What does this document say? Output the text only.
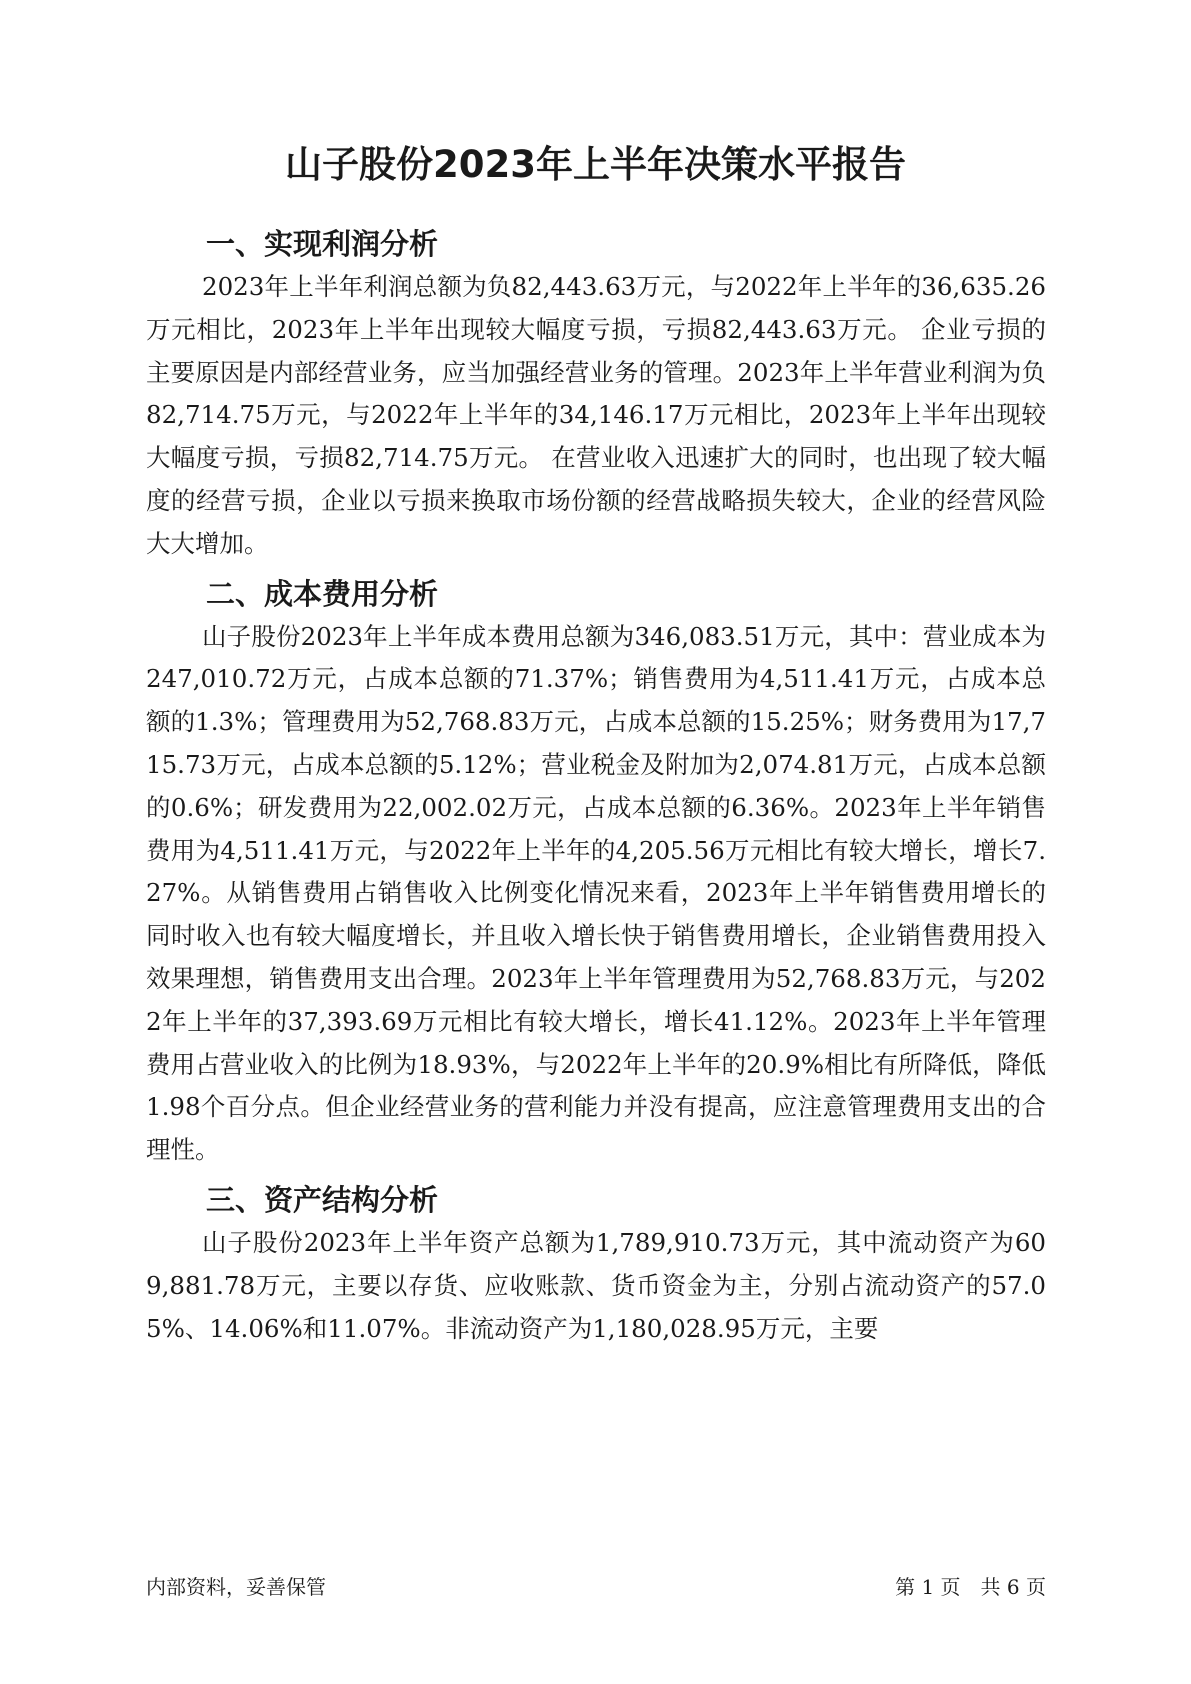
山子股份2023年上半年决策水平报告
一、实现利润分析

2023年上半年利润总额为负82,443.63万元，与2022年上半年的36,635.26万元相比，2023年上半年出现较大幅度亏损，亏损82,443.63万元。 企业亏损的主要原因是内部经营业务，应当加强经营业务的管理。2023年上半年营业利润为负82,714.75万元，与2022年上半年的34,146.17万元相比，2023年上半年出现较大幅度亏损，亏损82,714.75万元。 在营业收入迅速扩大的同时，也出现了较大幅度的经营亏损，企业以亏损来换取市场份额的经营战略损失较大，企业的经营风险大大增加。

二、成本费用分析

山子股份2023年上半年成本费用总额为346,083.51万元，其中：营业成本为247,010.72万元，占成本总额的71.37%；销售费用为4,511.41万元，占成本总额的1.3%；管理费用为52,768.83万元，占成本总额的15.25%；财务费用为17,715.73万元，占成本总额的5.12%；营业税金及附加为2,074.81万元，占成本总额的0.6%；研发费用为22,002.02万元，占成本总额的6.36%。2023年上半年销售费用为4,511.41万元，与2022年上半年的4,205.56万元相比有较大增长，增长7.27%。从销售费用占销售收入比例变化情况来看，2023年上半年销售费用增长的同时收入也有较大幅度增长，并且收入增长快于销售费用增长，企业销售费用投入效果理想，销售费用支出合理。2023年上半年管理费用为52,768.83万元，与2022年上半年的37,393.69万元相比有较大增长，增长41.12%。2023年上半年管理费用占营业收入的比例为18.93%，与2022年上半年的20.9%相比有所降低，降低1.98个百分点。但企业经营业务的营利能力并没有提高，应注意管理费用支出的合理性。

三、资产结构分析

山子股份2023年上半年资产总额为1,789,910.73万元，其中流动资产为609,881.78万元，主要以存货、应收账款、货币资金为主，分别占流动资产的57.05%、14.06%和11.07%。非流动资产为1,180,028.95万元，主要

内部资料，妥善保管	第 1 页　共 6 页
